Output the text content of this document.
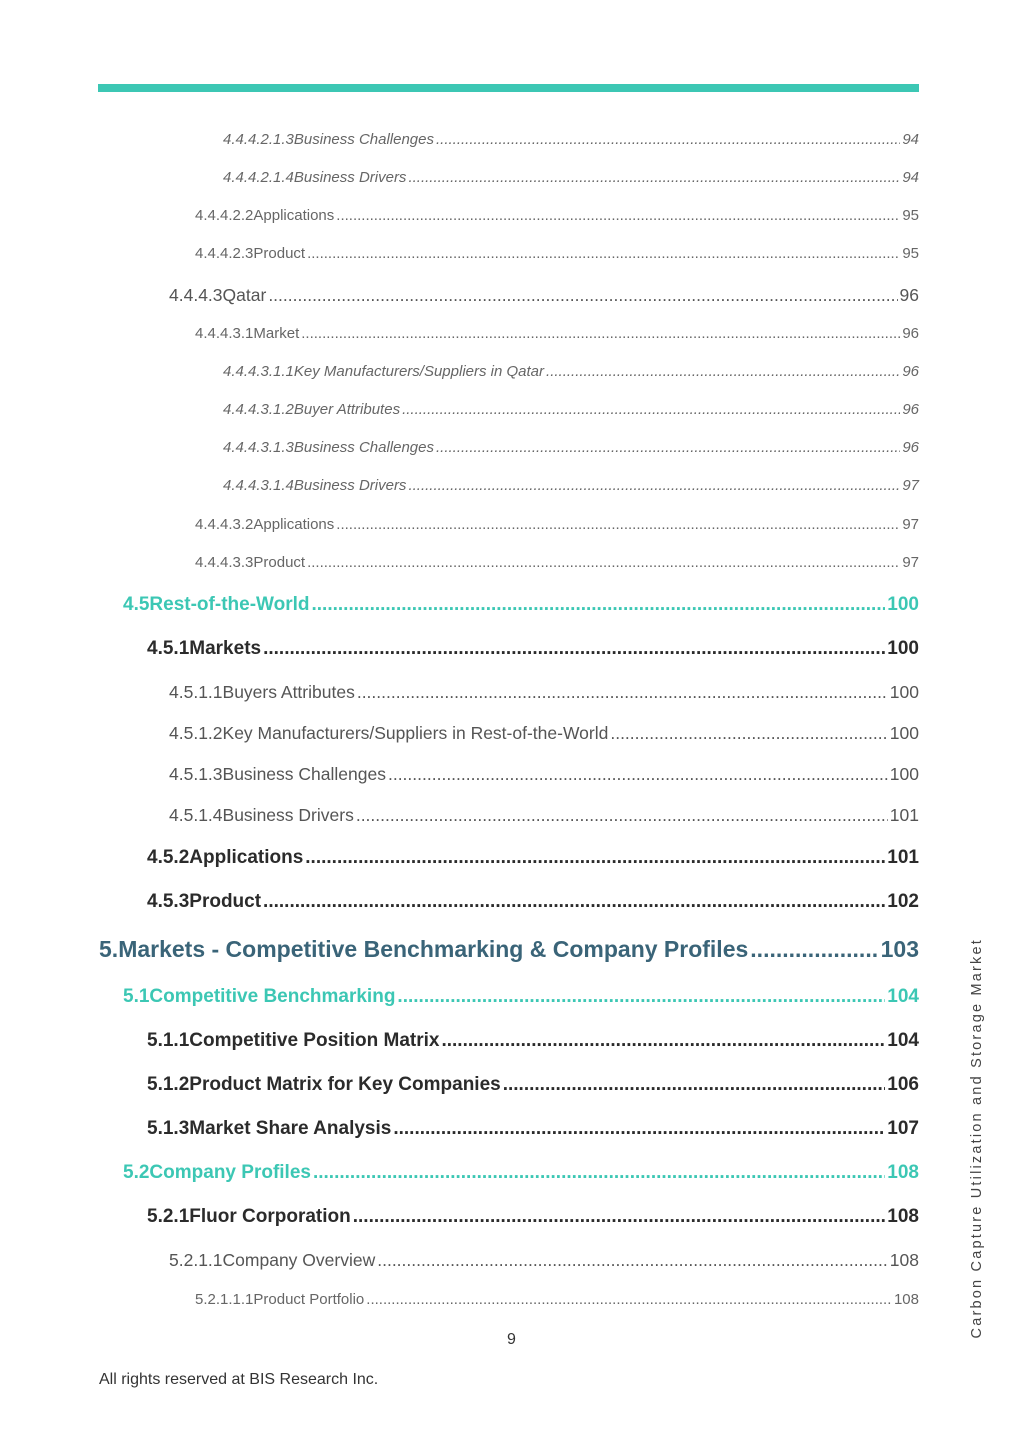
4.4.4.2.1.3 Business Challenges .....	94
4.4.4.2.1.4 Business Drivers .....	94
4.4.4.2.2 Applications .....	95
4.4.4.2.3 Product .....	95
4.4.4.3 Qatar .....	96
4.4.4.3.1 Market .....	96
4.4.4.3.1.1 Key Manufacturers/Suppliers in Qatar .....	96
4.4.4.3.1.2 Buyer Attributes .....	96
4.4.4.3.1.3 Business Challenges .....	96
4.4.4.3.1.4 Business Drivers .....	97
4.4.4.3.2 Applications .....	97
4.4.4.3.3 Product .....	97
4.5 Rest-of-the-World .....	100
4.5.1 Markets .....	100
4.5.1.1 Buyers Attributes .....	100
4.5.1.2 Key Manufacturers/Suppliers in Rest-of-the-World .....	100
4.5.1.3 Business Challenges .....	100
4.5.1.4 Business Drivers .....	101
4.5.2 Applications .....	101
4.5.3 Product .....	102
5. Markets - Competitive Benchmarking & Company Profiles .....	103
5.1 Competitive Benchmarking .....	104
5.1.1 Competitive Position Matrix .....	104
5.1.2 Product Matrix for Key Companies .....	106
5.1.3 Market Share Analysis .....	107
5.2 Company Profiles .....	108
5.2.1 Fluor Corporation .....	108
5.2.1.1 Company Overview .....	108
5.2.1.1.1 Product Portfolio .....	108	Carbon Capture Utilization and Storage Market
9
All rights reserved at BIS Research Inc.
